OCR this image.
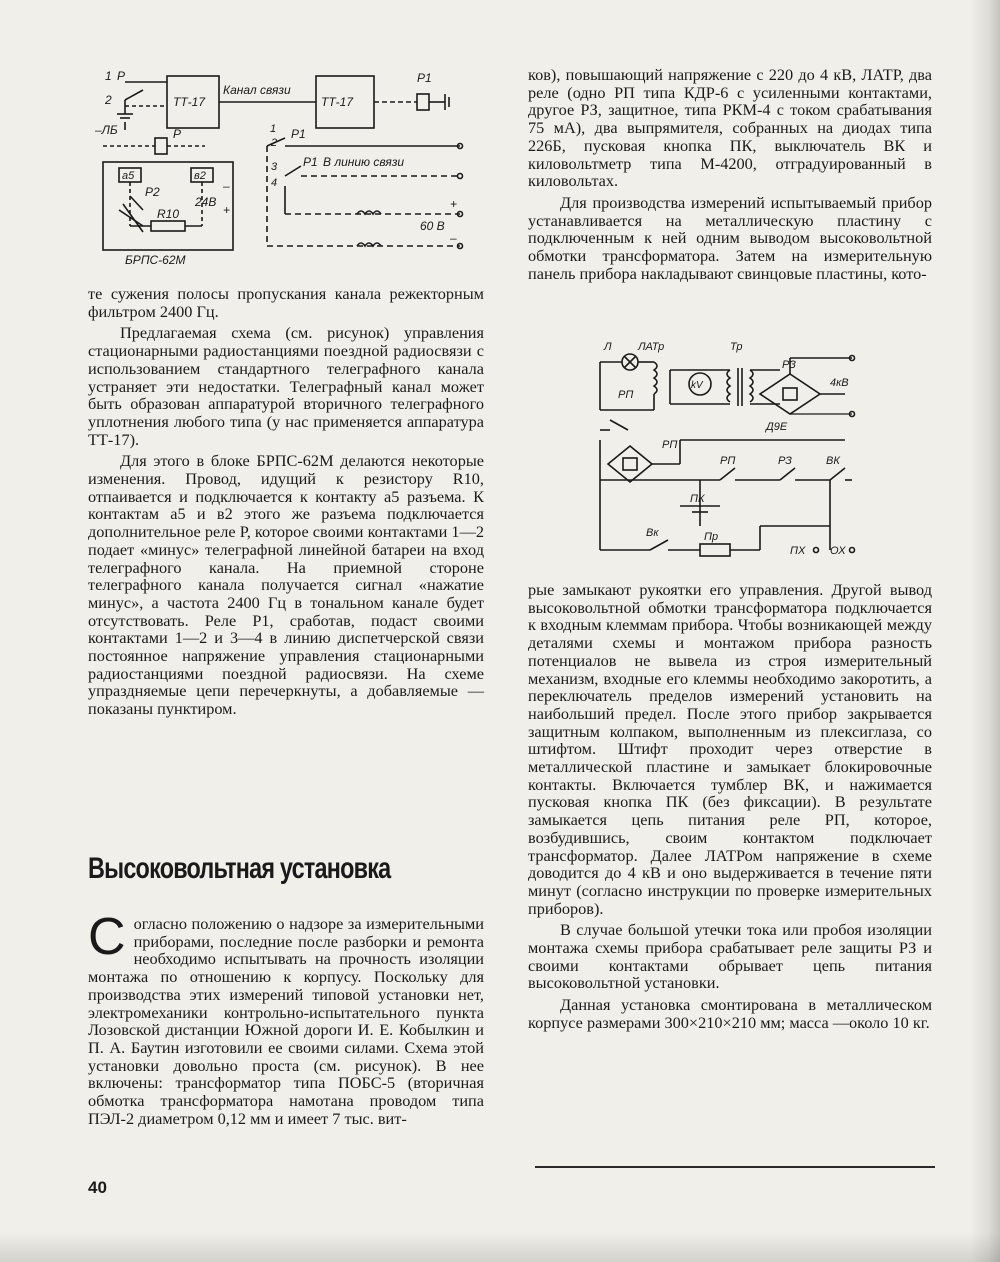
1 Р
2	ТТ-17	ТТ-17
Канал связи
Р1
–ЛБ	Р	1
2
Р1
3
4
Р1 В линию связи
а5	в2
Р2
24В
+
–
R10
+
60 В
–
БРПС-62М
Л ЛАТр	Тр
kV
РЗ
4кВ
РП
Д9Е
РП
РП	РЗ	ВК
ПК
Вк	Пр
ПХ ОХ

те сужения полосы пропускания канала режекторным фильтром 2400 Гц.

Предлагаемая схема (см. рисунок) управления стационарными радиостанциями поездной радиосвязи с использованием стандартного телеграфного канала устраняет эти недостатки. Телеграфный канал может быть образован аппаратурой вторичного телеграфного уплотнения любого типа (у нас применяется аппаратура ТТ-17).

Для этого в блоке БРПС-62М делаются некоторые изменения. Провод, идущий к резистору R10, отпаивается и подключается к контакту а5 разъема. К контактам а5 и в2 этого же разъема подключается дополнительное реле Р, которое своими контактами 1—2 подает «минус» телеграфной линейной батареи на вход телеграфного канала. На приемной стороне телеграфного канала получается сигнал «нажатие минус», а частота 2400 Гц в тональном канале будет отсутствовать. Реле Р1, сработав, подаст своими контактами 1—2 и 3—4 в линию диспетчерской связи постоянное напряжение управления стационарными радиостанциями поездной радиосвязи. На схеме упраздняемые цепи перечеркнуты, а добавляемые — показаны пунктиром.

Высоковольтная установка

Согласно положению о надзоре за измерительными приборами, последние после разборки и ремонта необходимо испытывать на прочность изоляции монтажа по отношению к корпусу. Поскольку для производства этих измерений типовой установки нет, электромеханики контрольно-испытательного пункта Лозовской дистанции Южной дороги И. Е. Кобылкин и П. А. Баутин изготовили ее своими силами. Схема этой установки довольно проста (см. рисунок). В нее включены: трансформатор типа ПОБС-5 (вторичная обмотка трансформатора намотана проводом типа ПЭЛ-2 диаметром 0,12 мм и имеет 7 тыс. вит-

ков), повышающий напряжение с 220 до 4 кВ, ЛАТР, два реле (одно РП типа КДР-6 с усиленными контактами, другое РЗ, защитное, типа РКМ-4 с током срабатывания 75 мА), два выпрямителя, собранных на диодах типа 226Б, пусковая кнопка ПК, выключатель ВК и киловольтметр типа М-4200, отградуированный в киловольтах.

Для производства измерений испытываемый прибор устанавливается на металлическую пластину с подключенным к ней одним выводом высоковольтной обмотки трансформатора. Затем на измерительную панель прибора накладывают свинцовые пластины, кото-

рые замыкают рукоятки его управления. Другой вывод высоковольтной обмотки трансформатора подключается к входным клеммам прибора. Чтобы возникающей между деталями схемы и монтажом прибора разность потенциалов не вывела из строя измерительный механизм, входные его клеммы необходимо закоротить, а переключатель пределов измерений установить на наибольший предел. После этого прибор закрывается защитным колпаком, выполненным из плексиглаза, со штифтом. Штифт проходит через отверстие в металлической пластине и замыкает блокировочные контакты. Включается тумблер ВК, и нажимается пусковая кнопка ПК (без фиксации). В результате замыкается цепь питания реле РП, которое, возбудившись, своим контактом подключает трансформатор. Далее ЛАТРом напряжение в схеме доводится до 4 кВ и оно выдерживается в течение пяти минут (согласно инструкции по проверке измерительных приборов).

В случае большой утечки тока или пробоя изоляции монтажа схемы прибора срабатывает реле защиты РЗ и своими контактами обрывает цепь питания высоковольтной установки.

Данная установка смонтирована в металлическом корпусе размерами 300×210×210 мм; масса —около 10 кг.

40
